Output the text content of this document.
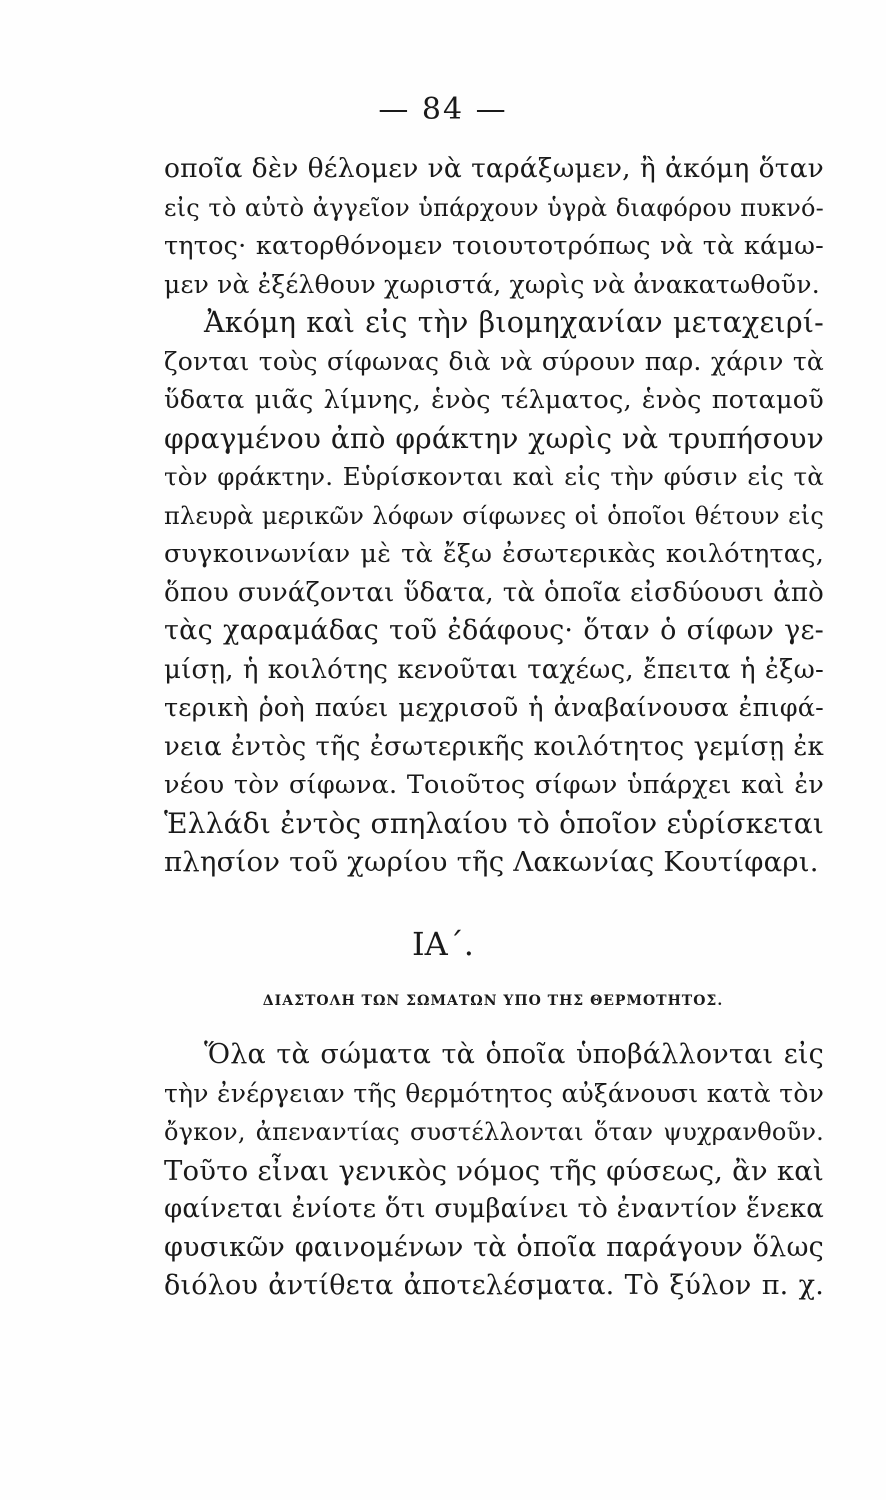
— 84 —
οποῖα δὲν θέλομεν νὰ ταράξωμεν, ἢ ἀκόμη ὅταν
εἰς τὸ αὐτὸ ἀγγεῖον ὑπάρχουν ὑγρὰ διαφόρου πυκνό-
τητος· κατορθόνομεν τοιουτοτρόπως νὰ τὰ κάμω-
μεν νὰ ἐξέλθουν χωριστά, χωρὶς νὰ ἀνακατωθοῦν.
Ἀκόμη καὶ εἰς τὴν βιομηχανίαν μεταχειρί-
ζονται τοὺς σίφωνας διὰ νὰ σύρουν παρ. χάριν τὰ
ὕδατα μιᾶς λίμνης, ἑνὸς τέλματος, ἑνὸς ποταμοῦ
φραγμένου ἀπὸ φράκτην χωρὶς νὰ τρυπήσουν
τὸν φράκτην. Εὑρίσκονται καὶ εἰς τὴν φύσιν εἰς τὰ
πλευρὰ μερικῶν λόφων σίφωνες οἱ ὁποῖοι θέτουν εἰς
συγκοινωνίαν μὲ τὰ ἔξω ἐσωτερικὰς κοιλότητας,
ὅπου συνάζονται ὕδατα, τὰ ὁποῖα εἰσδύουσι ἀπὸ
τὰς χαραμάδας τοῦ ἐδάφους· ὅταν ὁ σίφων γε-
μίσῃ, ἡ κοιλότης κενοῦται ταχέως, ἔπειτα ἡ ἐξω-
τερικὴ ῥοὴ παύει μεχρισοῦ ἡ ἀναβαίνουσα ἐπιφά-
νεια ἐντὸς τῆς ἐσωτερικῆς κοιλότητος γεμίσῃ ἐκ
νέου τὸν σίφωνα. Τοιοῦτος σίφων ὑπάρχει καὶ ἐν
Ἑλλάδι ἐντὸς σπηλαίου τὸ ὁποῖον εὑρίσκεται
πλησίον τοῦ χωρίου τῆς Λακωνίας Κουτίφαρι.
ΙΑ΄.
ΔΙΑΣΤΟΛΗ ΤΩΝ ΣΩΜΑΤΩΝ ΥΠΟ ΤΗΣ ΘΕΡΜΟΤΗΤΟΣ.
Ὅλα τὰ σώματα τὰ ὁποῖα ὑποβάλλονται εἰς
τὴν ἐνέργειαν τῆς θερμότητος αὐξάνουσι κατὰ τὸν
ὄγκον, ἀπεναντίας συστέλλονται ὅταν ψυχρανθοῦν.
Τοῦτο εἶναι γενικὸς νόμος τῆς φύσεως, ἂν καὶ
φαίνεται ἐνίοτε ὅτι συμβαίνει τὸ ἐναντίον ἕνεκα
φυσικῶν φαινομένων τὰ ὁποῖα παράγουν ὅλως
διόλου ἀντίθετα ἀποτελέσματα. Τὸ ξύλον π. χ.
